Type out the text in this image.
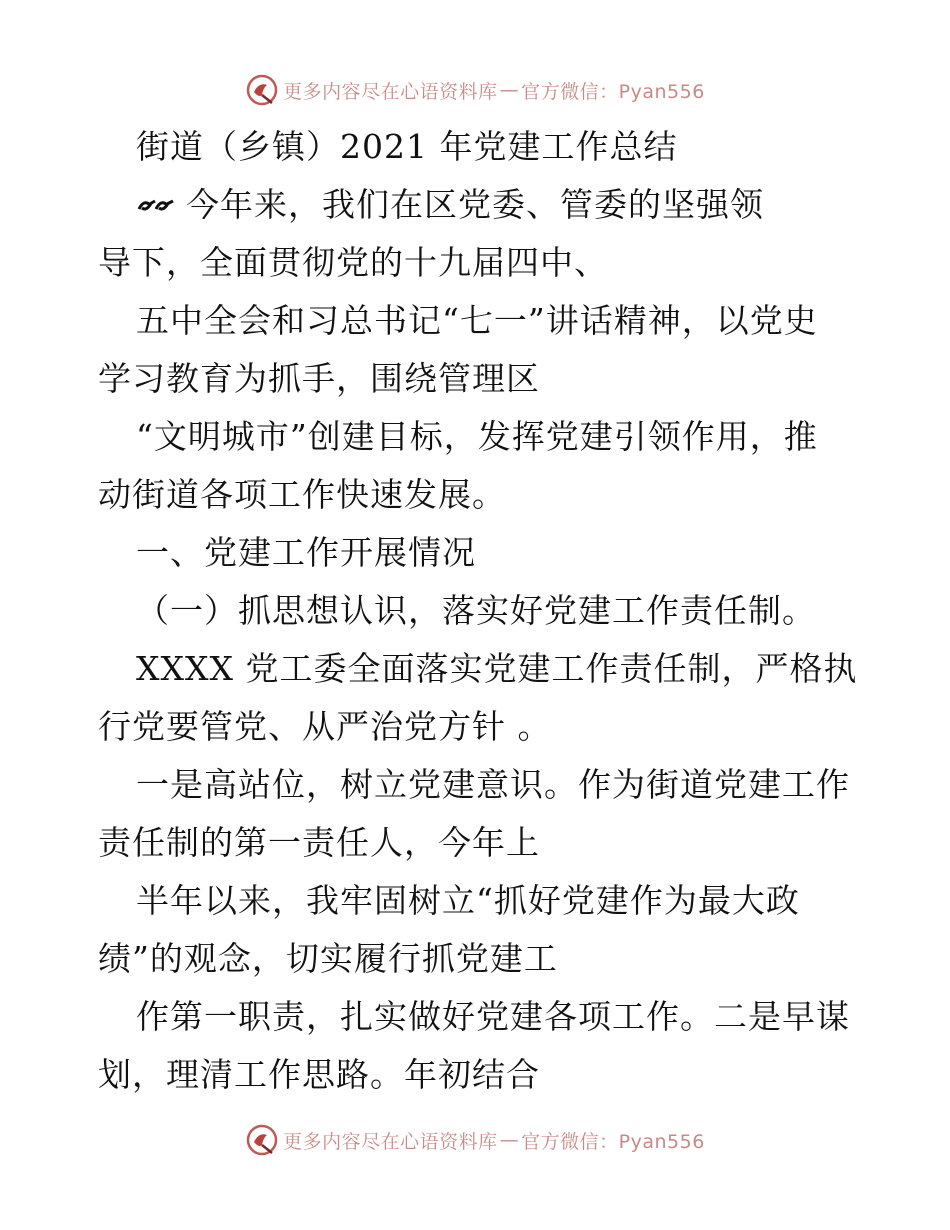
更多内容尽在心语资料库 — 官方微信：Pyan556
街道（乡镇）2021 年党建工作总结
今年来，我们在区党委、管委的坚强领
导下，全面贯彻党的十九届四中、
五中全会和习总书记“七一”讲话精神，以党史
学习教育为抓手，围绕管理区
“文明城市”创建目标，发挥党建引领作用，推
动街道各项工作快速发展。
一、党建工作开展情况
（一）抓思想认识，落实好党建工作责任制。
XXXX 党工委全面落实党建工作责任制，严格执
行党要管党、从严治党方针 。
一是高站位，树立党建意识。作为街道党建工作
责任制的第一责任人，今年上
半年以来，我牢固树立“抓好党建作为最大政
绩”的观念，切实履行抓党建工
作第一职责，扎实做好党建各项工作。二是早谋
划，理清工作思路。年初结合
更多内容尽在心语资料库 — 官方微信：Pyan556
